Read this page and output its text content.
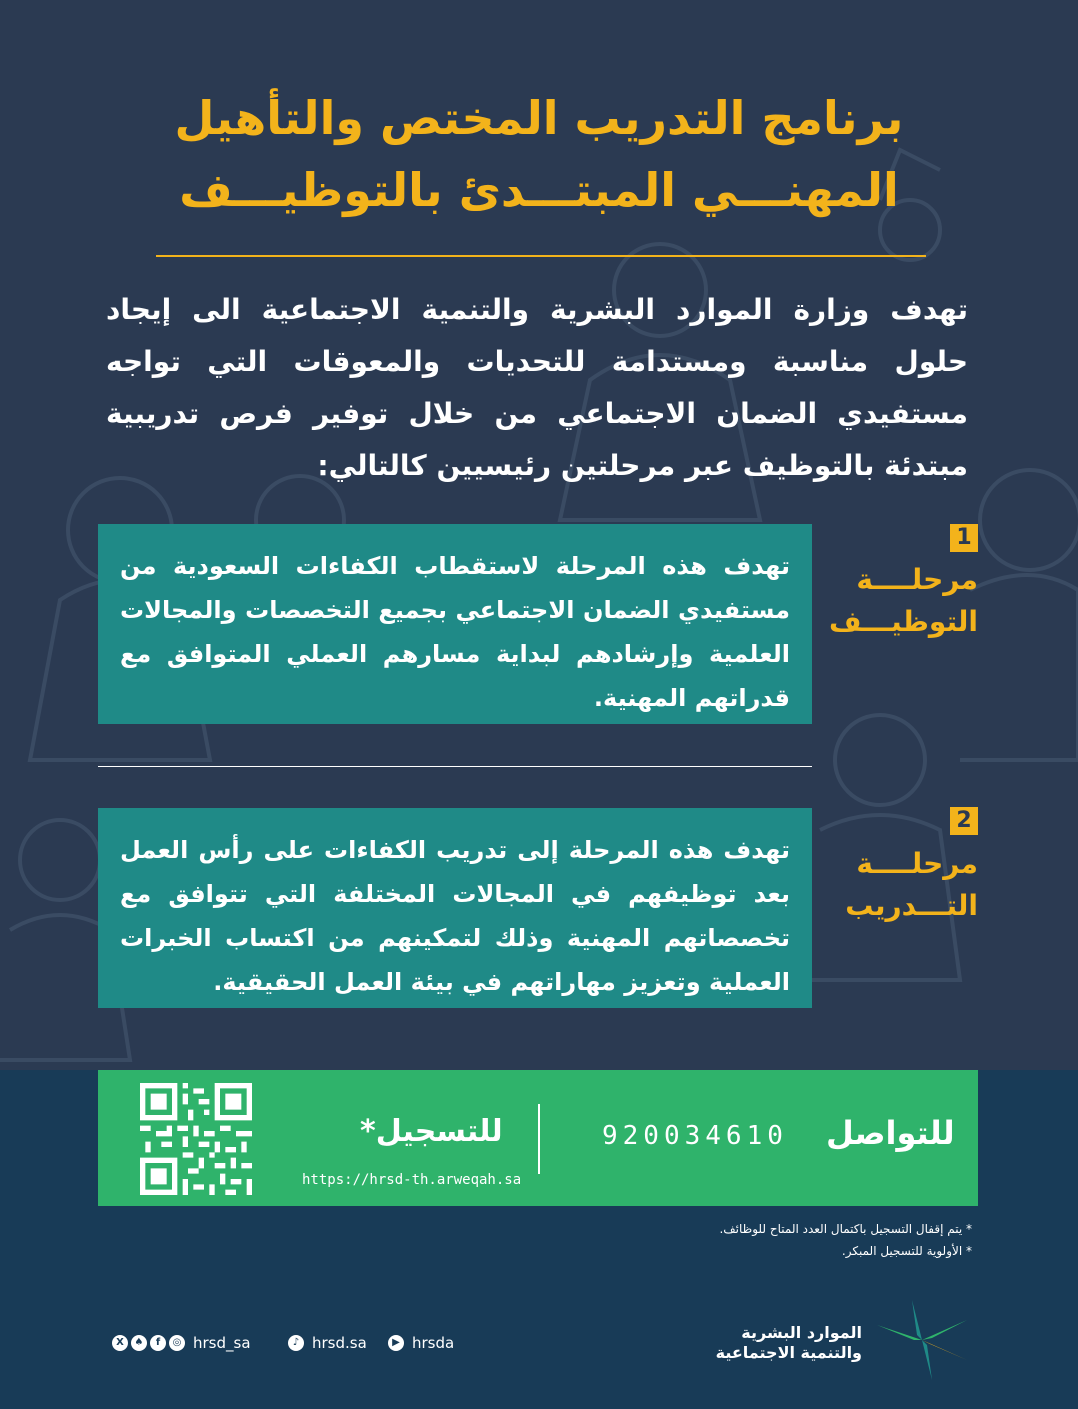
برنامج التدريب المختص والتأهيل
المهنـــي المبتـــدئ بالتوظيـــف
تهدف وزارة الموارد البشرية والتنمية الاجتماعية الى إيجاد حلول مناسبة ومستدامة للتحديات والمعوقات التي تواجه مستفيدي الضمان الاجتماعي من خلال توفير فرص تدريبية مبتدئة بالتوظيف عبر مرحلتين رئيسيين كالتالي:
1
مرحلــــة
التوظيـــف
تهدف هذه المرحلة لاستقطاب الكفاءات السعودية من مستفيدي الضمان الاجتماعي بجميع التخصصات والمجالات العلمية وإرشادهم لبداية مسارهم العملي المتوافق مع قدراتهم المهنية.
2
مرحلــــة
التـــدريب
تهدف هذه المرحلة إلى تدريب الكفاءات على رأس العمل بعد توظيفهم في المجالات المختلفة التي تتوافق مع تخصصاتهم المهنية وذلك لتمكينهم من اكتساب الخبرات العملية وتعزيز مهاراتهم في بيئة العمل الحقيقية.
للتواصل
920034610
للتسجيل*
https://hrsd-th.arweqah.sa
* يتم إقفال التسجيل باكتمال العدد المتاح للوظائف.
* الأولوية للتسجيل المبكر.
X	♠	f	◎ hrsd_sa	♪ hrsd.sa	▶ hrsda
الموارد البشرية
والتنمية الاجتماعية
